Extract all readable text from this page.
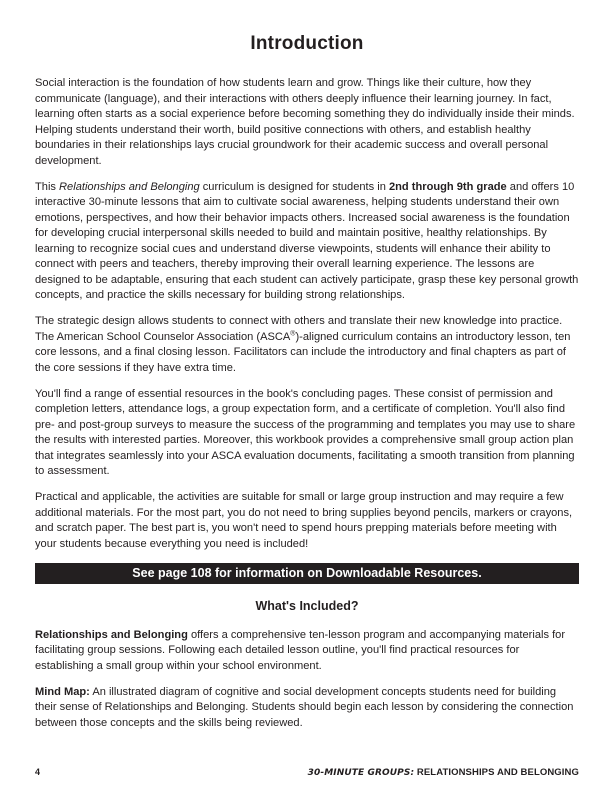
Introduction

Social interaction is the foundation of how students learn and grow. Things like their culture, how they communicate (language), and their interactions with others deeply influence their learning journey. In fact, learning often starts as a social experience before becoming something they do individually inside their minds. Helping students understand their worth, build positive connections with others, and establish healthy boundaries in their relationships lays crucial groundwork for their academic success and overall personal development.

This Relationships and Belonging curriculum is designed for students in 2nd through 9th grade and offers 10 interactive 30-minute lessons that aim to cultivate social awareness, helping students understand their own emotions, perspectives, and how their behavior impacts others. Increased social awareness is the foundation for developing crucial interpersonal skills needed to build and maintain positive, healthy relationships. By learning to recognize social cues and understand diverse viewpoints, students will enhance their ability to connect with peers and teachers, thereby improving their overall learning experience. The lessons are designed to be adaptable, ensuring that each student can actively participate, grasp these key personal growth concepts, and practice the skills necessary for building strong relationships.

The strategic design allows students to connect with others and translate their new knowledge into practice. The American School Counselor Association (ASCA®)-aligned curriculum contains an introductory lesson, ten core lessons, and a final closing lesson. Facilitators can include the introductory and final chapters as part of the core sessions if they have extra time.

You'll find a range of essential resources in the book's concluding pages. These consist of permission and completion letters, attendance logs, a group expectation form, and a certificate of completion. You'll also find pre- and post-group surveys to measure the success of the programming and templates you may use to share the results with interested parties. Moreover, this workbook provides a comprehensive small group action plan that integrates seamlessly into your ASCA evaluation documents, facilitating a smooth transition from planning to assessment.

Practical and applicable, the activities are suitable for small or large group instruction and may require a few additional materials. For the most part, you do not need to bring supplies beyond pencils, markers or crayons, and scratch paper. The best part is, you won't need to spend hours prepping materials before meeting with your students because everything you need is included!

See page 108 for information on Downloadable Resources.
What's Included?

Relationships and Belonging offers a comprehensive ten-lesson program and accompanying materials for facilitating group sessions. Following each detailed lesson outline, you'll find practical resources for establishing a small group within your school environment.

Mind Map: An illustrated diagram of cognitive and social development concepts students need for building their sense of Relationships and Belonging. Students should begin each lesson by considering the connection between those concepts and the skills being reviewed.

4	30-MINUTE GROUPS: RELATIONSHIPS AND BELONGING
